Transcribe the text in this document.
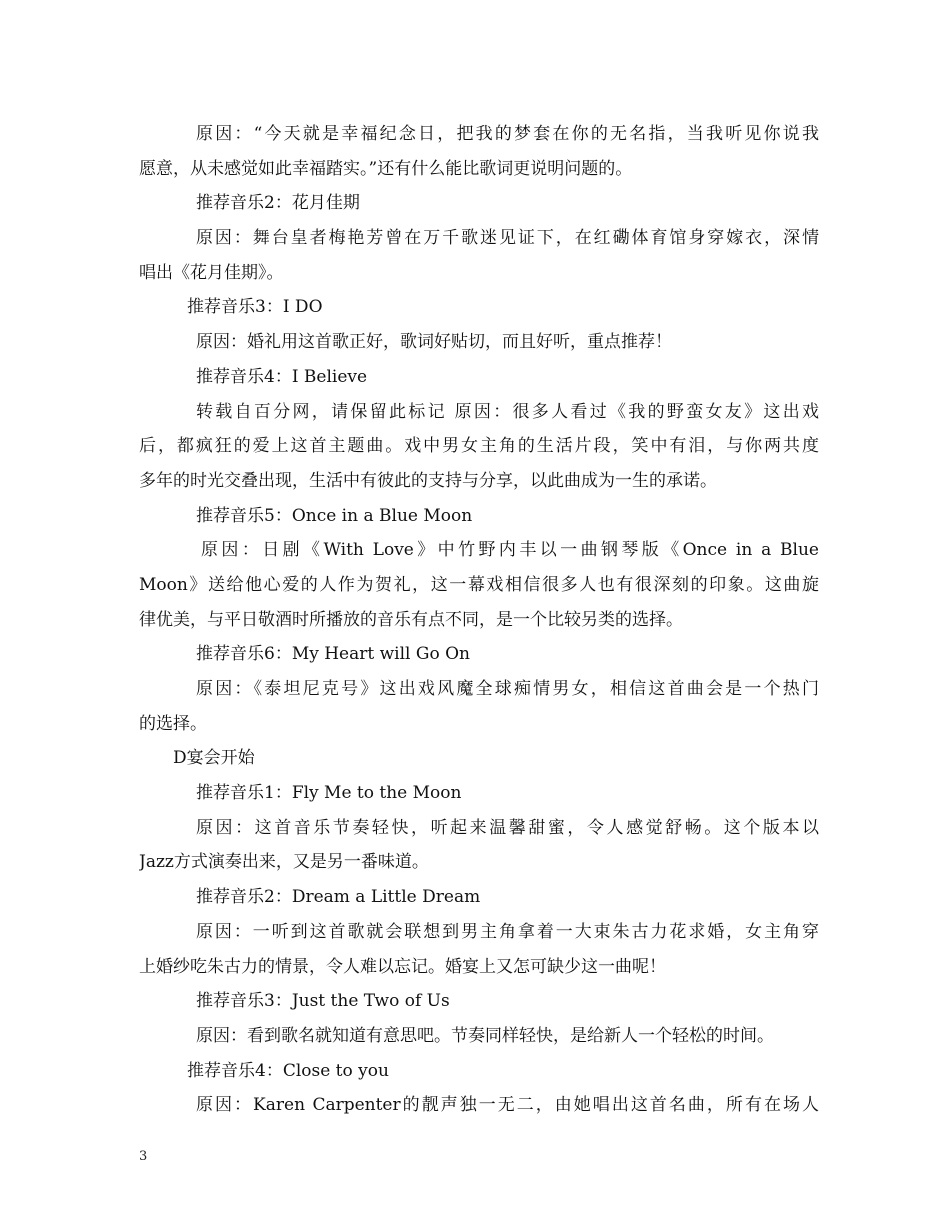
原因：“今天就是幸福纪念日，把我的梦套在你的无名指，当我听见你说我
愿意，从未感觉如此幸福踏实。”还有什么能比歌词更说明问题的。
推荐音乐2：花月佳期
原因：舞台皇者梅艳芳曾在万千歌迷见证下，在红磡体育馆身穿嫁衣，深情
唱出《花月佳期》。
推荐音乐3：I DO
原因：婚礼用这首歌正好，歌词好贴切，而且好听，重点推荐！
推荐音乐4：I Believe
转载自百分网，请保留此标记 原因：很多人看过《我的野蛮女友》这出戏
后，都疯狂的爱上这首主题曲。戏中男女主角的生活片段，笑中有泪，与你两共度
多年的时光交叠出现，生活中有彼此的支持与分享，以此曲成为一生的承诺。
推荐音乐5：Once in a Blue Moon
原因：日剧《With Love》中竹野内丰以一曲钢琴版《Once in a Blue
Moon》送给他心爱的人作为贺礼，这一幕戏相信很多人也有很深刻的印象。这曲旋
律优美，与平日敬酒时所播放的音乐有点不同，是一个比较另类的选择。
推荐音乐6：My Heart will Go On
原因：《泰坦尼克号》这出戏风魔全球痴情男女，相信这首曲会是一个热门
的选择。
D宴会开始
推荐音乐1：Fly Me to the Moon
原因：这首音乐节奏轻快，听起来温馨甜蜜，令人感觉舒畅。这个版本以
Jazz方式演奏出来，又是另一番味道。
推荐音乐2：Dream a Little Dream
原因：一听到这首歌就会联想到男主角拿着一大束朱古力花求婚，女主角穿
上婚纱吃朱古力的情景，令人难以忘记。婚宴上又怎可缺少这一曲呢！
推荐音乐3：Just the Two of Us
原因：看到歌名就知道有意思吧。节奏同样轻快，是给新人一个轻松的时间。
推荐音乐4：Close to you
原因：Karen Carpenter的靓声独一无二，由她唱出这首名曲，所有在场人
3
